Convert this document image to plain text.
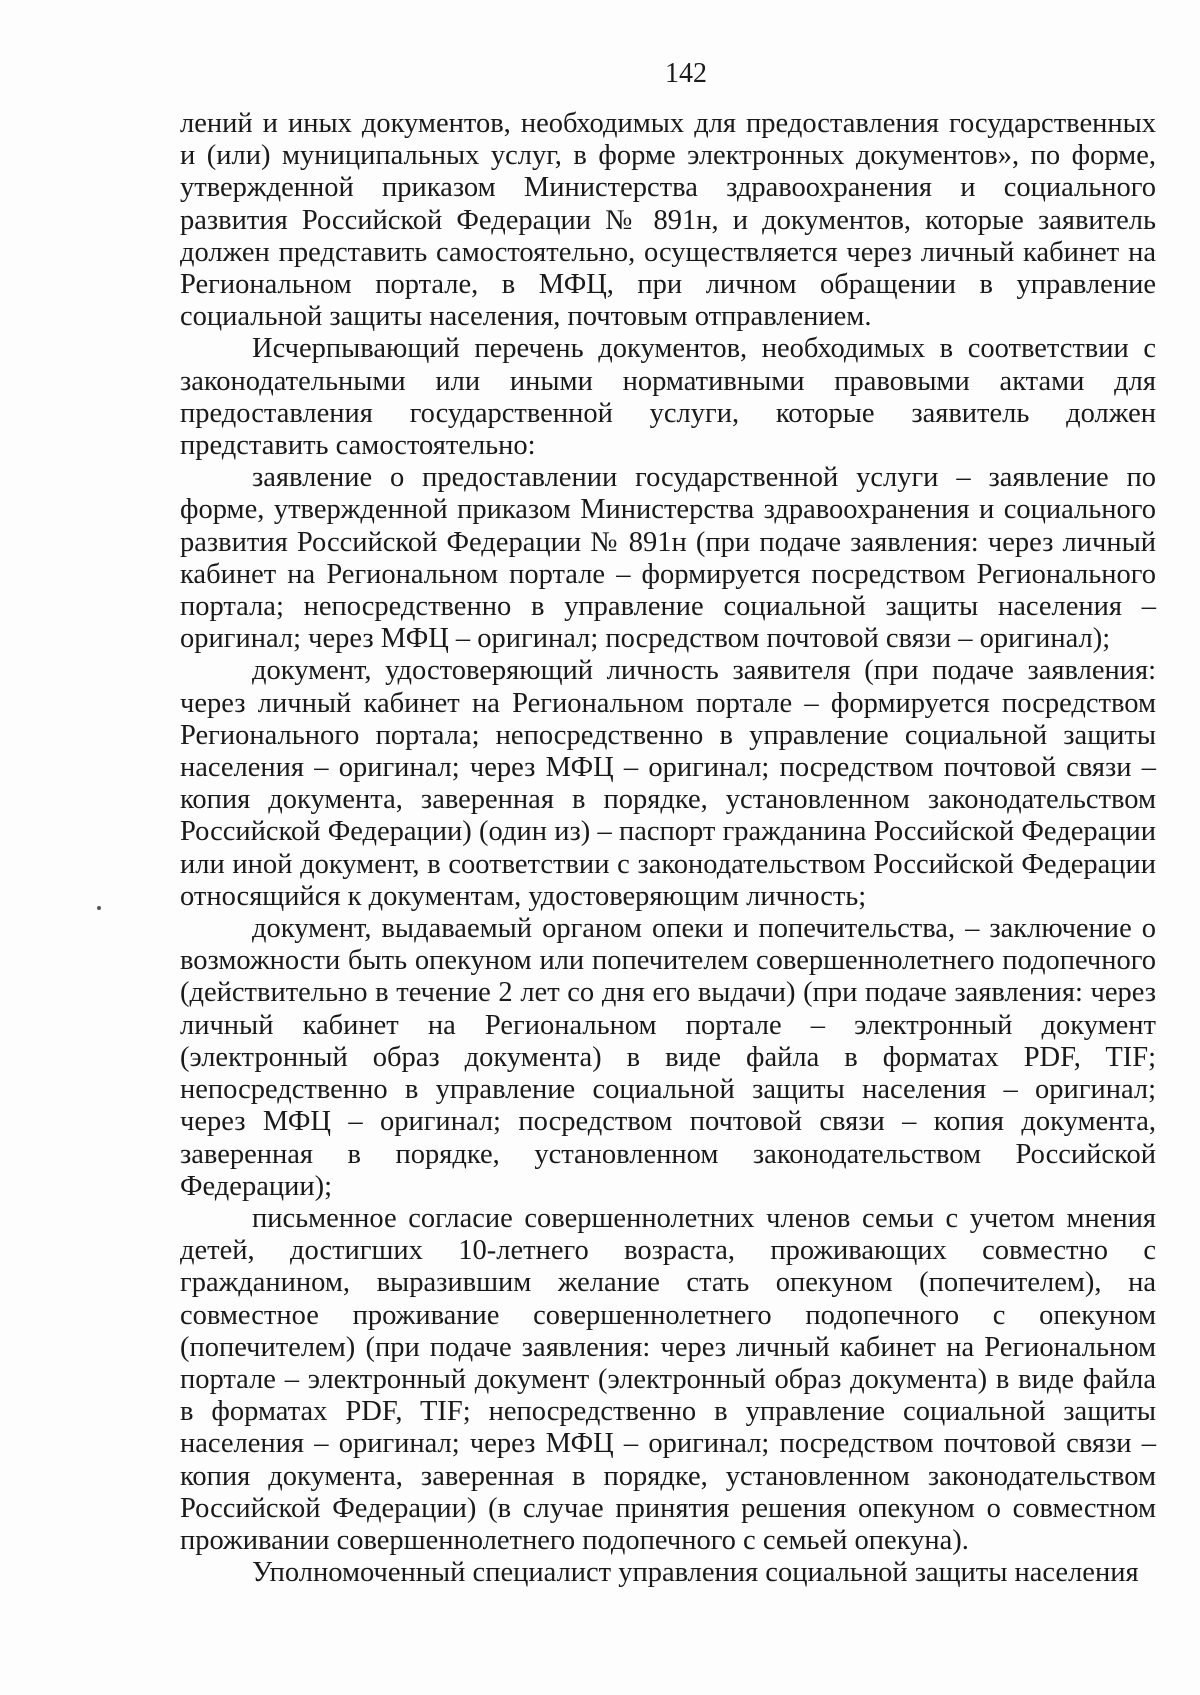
142

лений и иных документов, необходимых для предоставления государственных и (или) муниципальных услуг, в форме электронных документов», по форме, утвержденной приказом Министерства здравоохранения и социального развития Российской Федерации № 891н, и документов, которые заявитель должен представить самостоятельно, осуществляется через личный кабинет на Региональном портале, в МФЦ, при личном обращении в управление социальной защиты населения, почтовым отправлением.

Исчерпывающий перечень документов, необходимых в соответствии с законодательными или иными нормативными правовыми актами для предоставления государственной услуги, которые заявитель должен представить самостоятельно:

заявление о предоставлении государственной услуги – заявление по форме, утвержденной приказом Министерства здравоохранения и социального развития Российской Федерации № 891н (при подаче заявления: через личный кабинет на Региональном портале – формируется посредством Регионального портала; непосредственно в управление социальной защиты населения – оригинал; через МФЦ – оригинал; посредством почтовой связи – оригинал);

документ, удостоверяющий личность заявителя (при подаче заявления: через личный кабинет на Региональном портале – формируется посредством Регионального портала; непосредственно в управление социальной защиты населения – оригинал; через МФЦ – оригинал; посредством почтовой связи – копия документа, заверенная в порядке, установленном законодательством Российской Федерации) (один из) – паспорт гражданина Российской Федерации или иной документ, в соответствии с законодательством Российской Федерации относящийся к документам, удостоверяющим личность;

документ, выдаваемый органом опеки и попечительства, – заключение о возможности быть опекуном или попечителем совершеннолетнего подопечного (действительно в течение 2 лет со дня его выдачи) (при подаче заявления: через личный кабинет на Региональном портале – электронный документ (электронный образ документа) в виде файла в форматах PDF, TIF; непосредственно в управление социальной защиты населения – оригинал; через МФЦ – оригинал; посредством почтовой связи – копия документа, заверенная в порядке, установленном законодательством Российской Федерации);

письменное согласие совершеннолетних членов семьи с учетом мнения детей, достигших 10-летнего возраста, проживающих совместно с гражданином, выразившим желание стать опекуном (попечителем), на совместное проживание совершеннолетнего подопечного с опекуном (попечителем) (при подаче заявления: через личный кабинет на Региональном портале – электронный документ (электронный образ документа) в виде файла в форматах PDF, TIF; непосредственно в управление социальной защиты населения – оригинал; через МФЦ – оригинал; посредством почтовой связи – копия документа, заверенная в порядке, установленном законодательством Российской Федерации) (в случае принятия решения опекуном о совместном проживании совершеннолетнего подопечного с семьей опекуна).

Уполномоченный специалист управления социальной защиты населения
